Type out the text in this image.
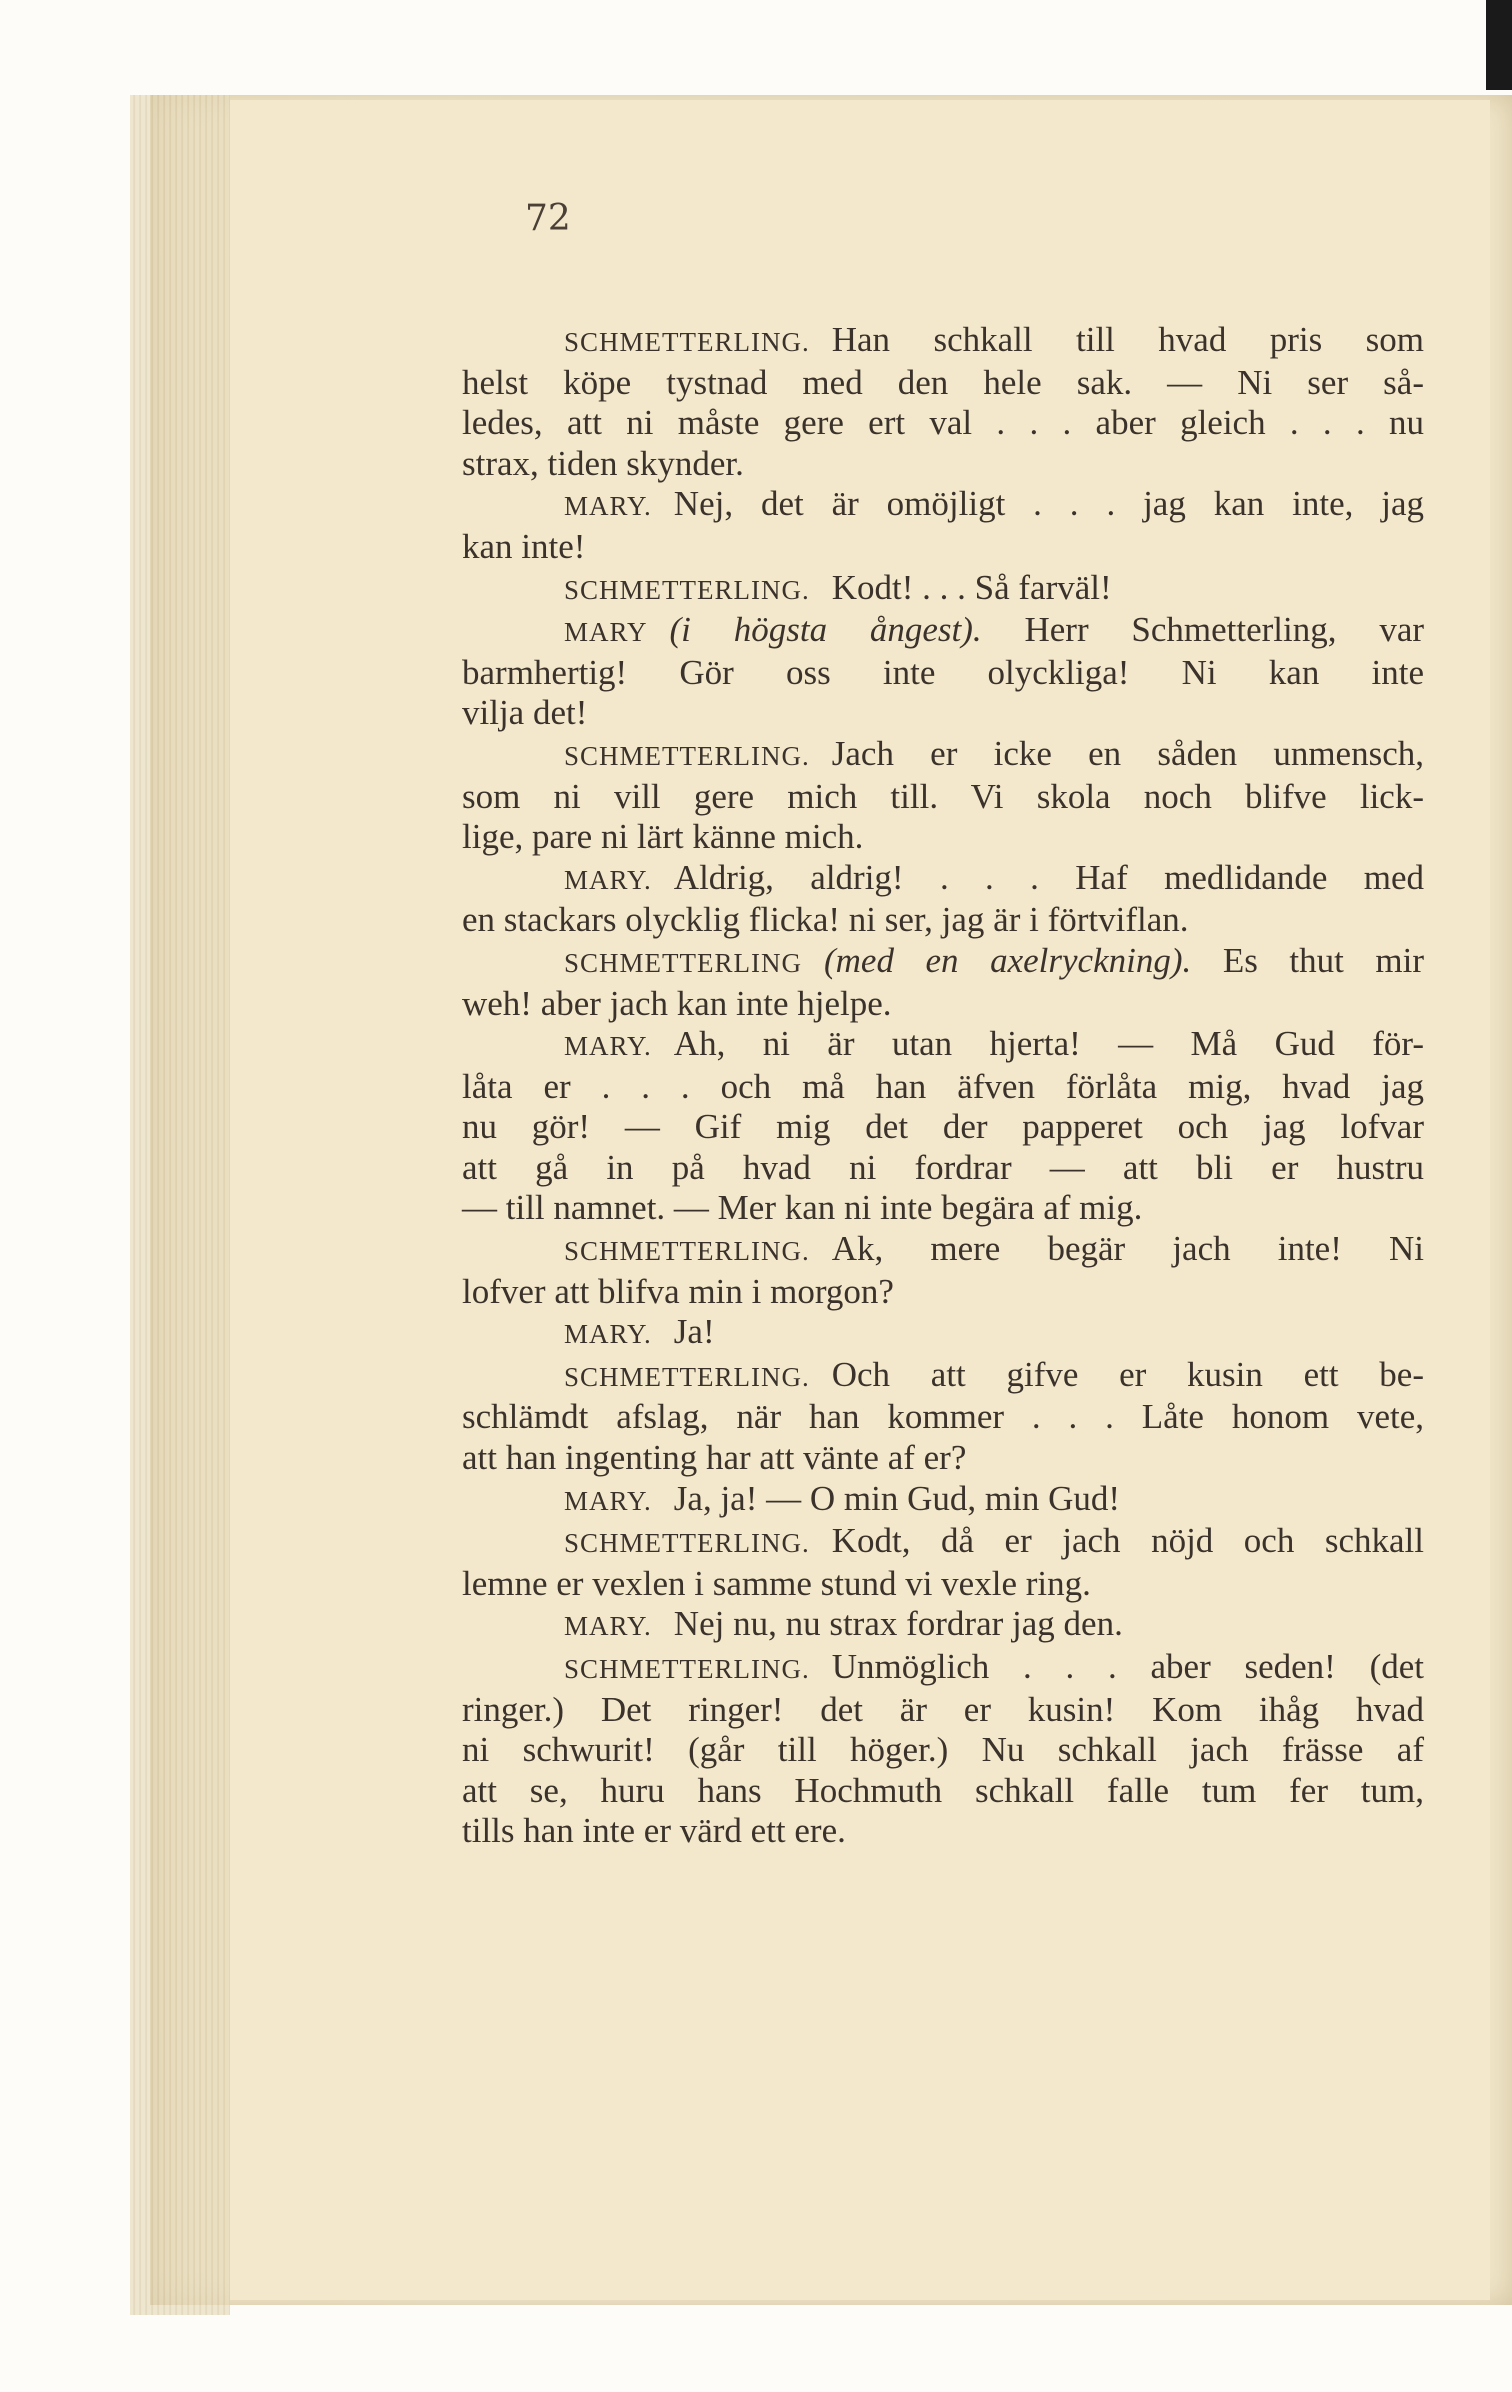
72
SCHMETTERLING. Han schkall till hvad pris som
helst köpe tystnad med den hele sak. — Ni ser så-
ledes, att ni måste gere ert val . . . aber gleich . . . nu
strax, tiden skynder.
MARY. Nej, det är omöjligt . . . jag kan inte, jag
kan inte!
SCHMETTERLING. Kodt! . . . Så farväl!
MARY (i högsta ångest). Herr Schmetterling, var
barmhertig! Gör oss inte olyckliga! Ni kan inte
vilja det!
SCHMETTERLING. Jach er icke en såden unmensch,
som ni vill gere mich till. Vi skola noch blifve lick-
lige, pare ni lärt känne mich.
MARY. Aldrig, aldrig! . . . Haf medlidande med
en stackars olycklig flicka! ni ser, jag är i förtviflan.
SCHMETTERLING (med en axelryckning). Es thut mir
weh! aber jach kan inte hjelpe.
MARY. Ah, ni är utan hjerta! — Må Gud för-
låta er . . . och må han äfven förlåta mig, hvad jag
nu gör! — Gif mig det der papperet och jag lofvar
att gå in på hvad ni fordrar — att bli er hustru
— till namnet. — Mer kan ni inte begära af mig.
SCHMETTERLING. Ak, mere begär jach inte! Ni
lofver att blifva min i morgon?
MARY. Ja!
SCHMETTERLING. Och att gifve er kusin ett be-
schlämdt afslag, när han kommer . . . Låte honom vete,
att han ingenting har att vänte af er?
MARY. Ja, ja! — O min Gud, min Gud!
SCHMETTERLING. Kodt, då er jach nöjd och schkall
lemne er vexlen i samme stund vi vexle ring.
MARY. Nej nu, nu strax fordrar jag den.
SCHMETTERLING. Unmöglich . . . aber seden! (det
ringer.) Det ringer! det är er kusin! Kom ihåg hvad
ni schwurit! (går till höger.) Nu schkall jach frässe af
att se, huru hans Hochmuth schkall falle tum fer tum,
tills han inte er värd ett ere.
